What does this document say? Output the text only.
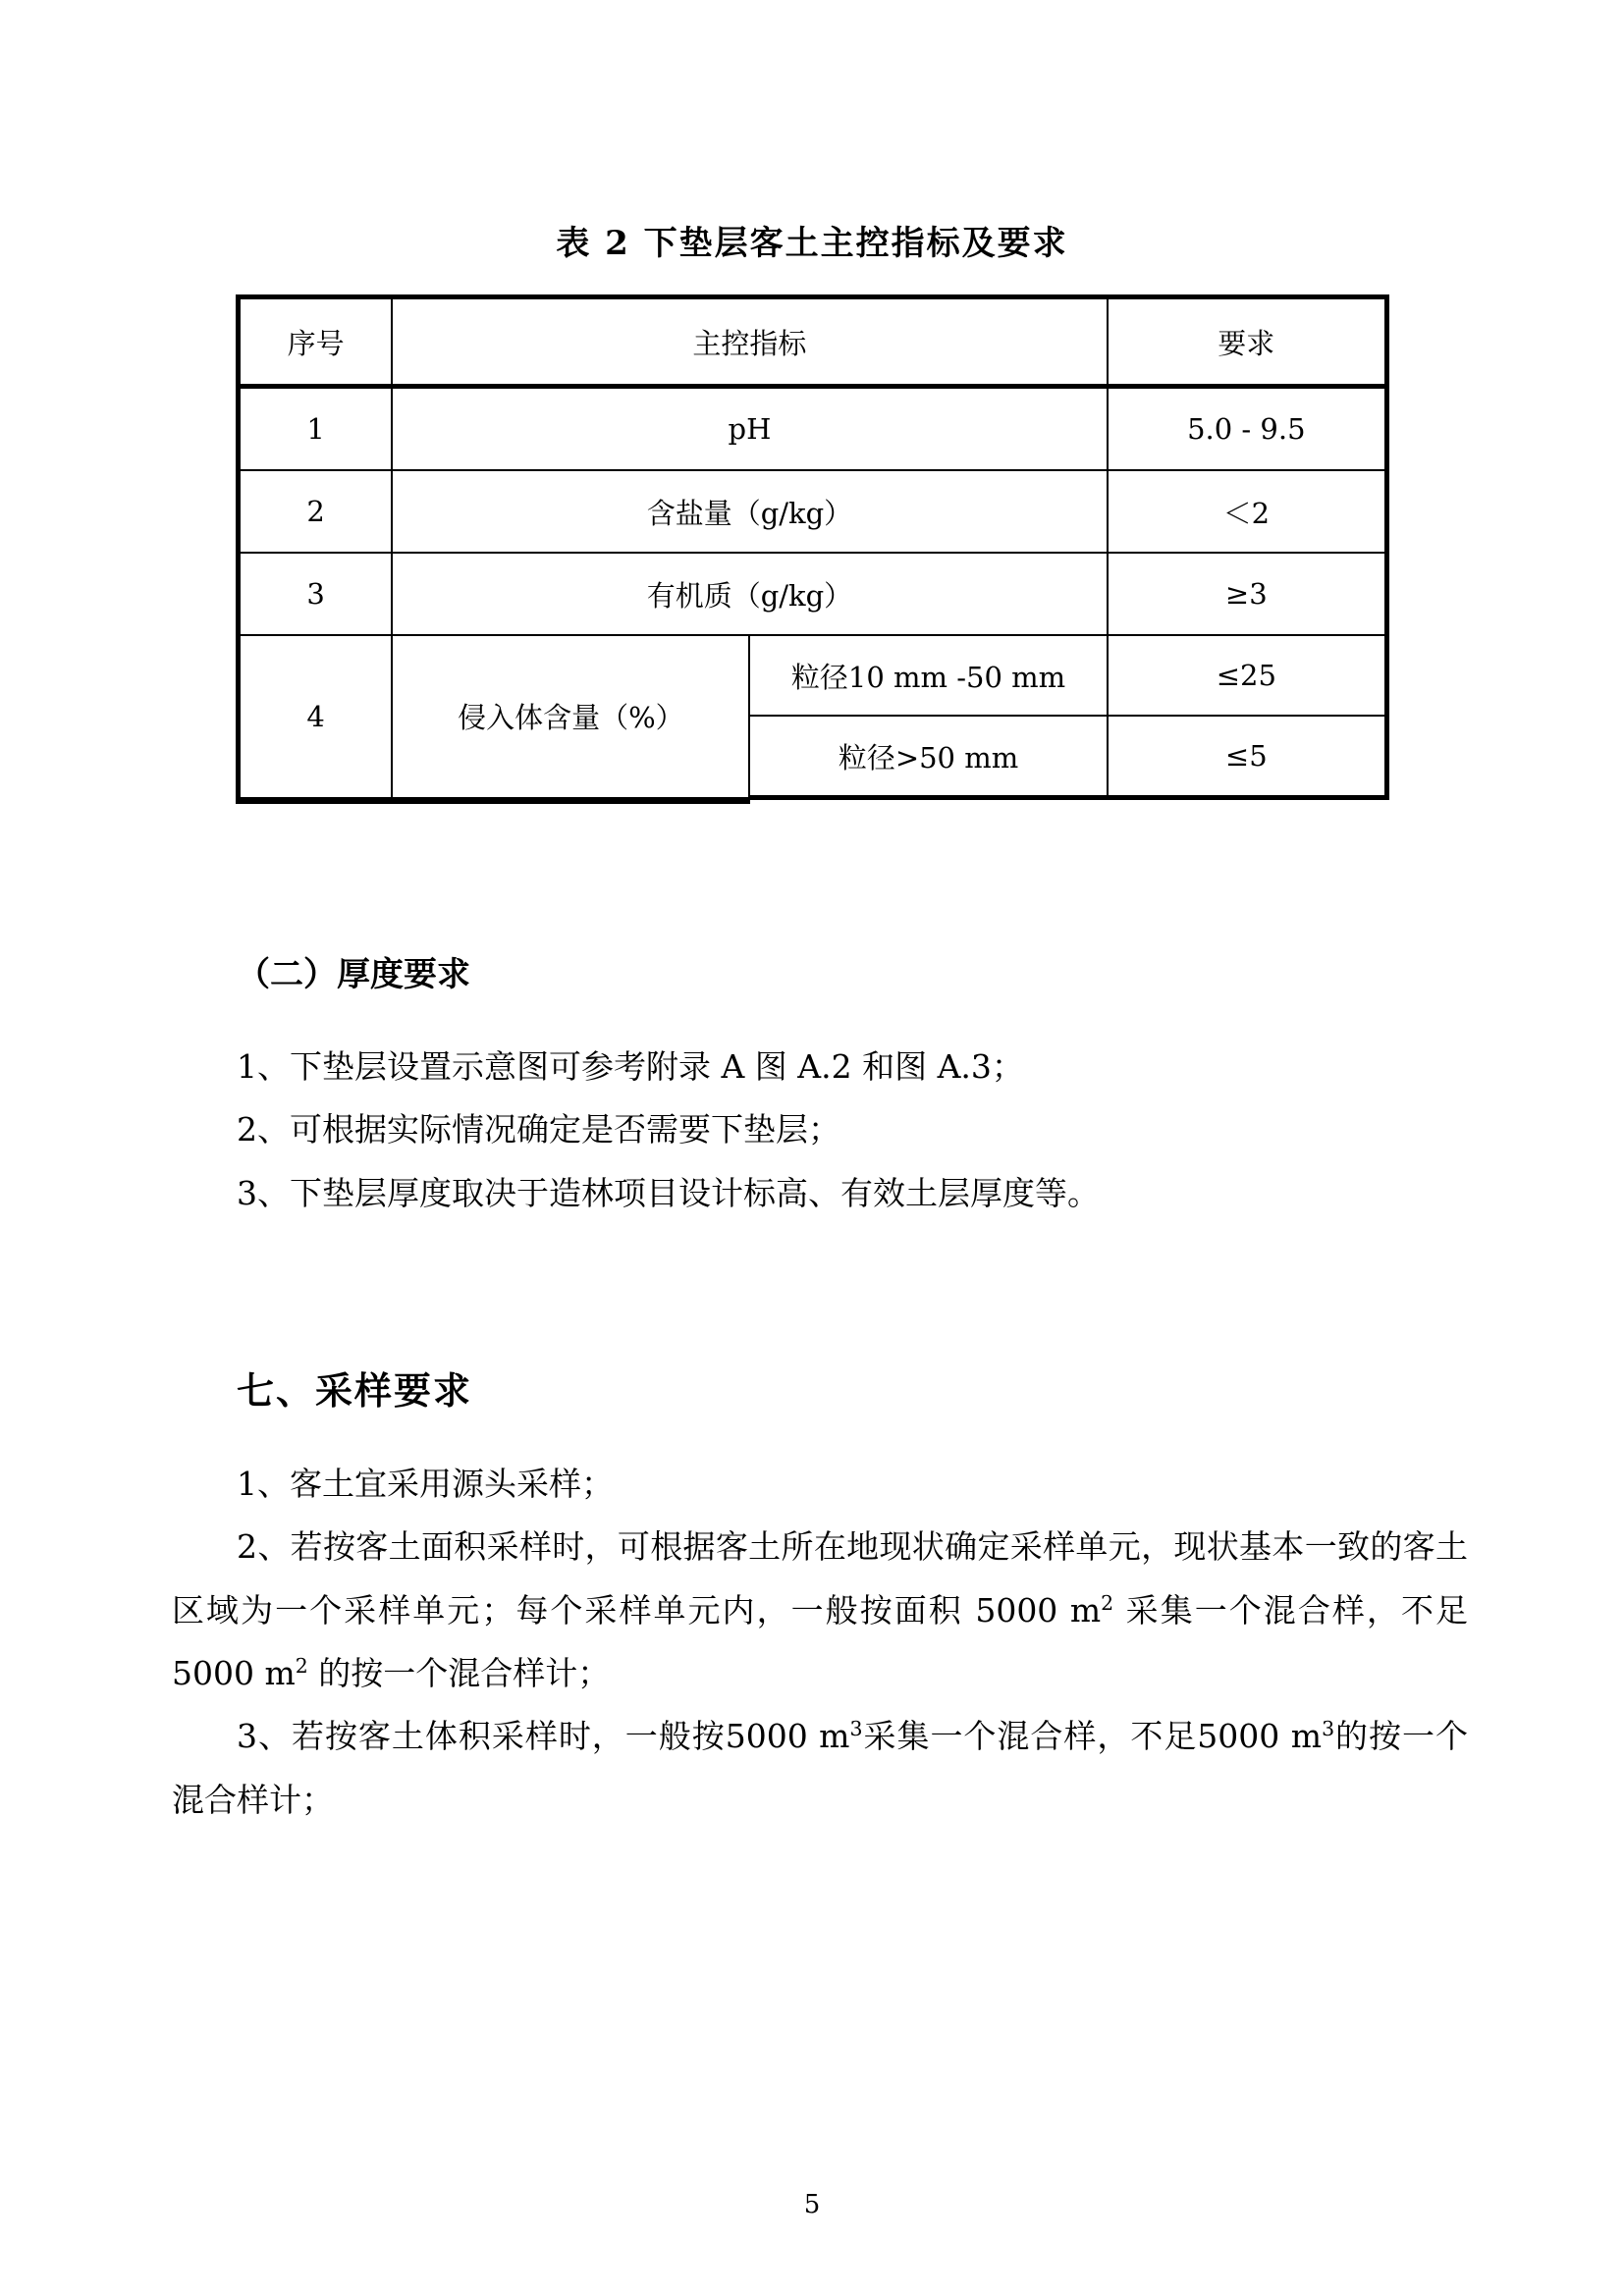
表 2 下垫层客土主控指标及要求
序号	主控指标		要求
1	pH		5.0 - 9.5
2	含盐量（g/kg）		＜2
3	有机质（g/kg）		≥3
4	侵入体含量（%）	粒径10 mm -50 mm	≤25
		粒径>50 mm	≤5

（二）厚度要求

1、下垫层设置示意图可参考附录 A 图 A.2 和图 A.3；

2、可根据实际情况确定是否需要下垫层；

3、下垫层厚度取决于造林项目设计标高、有效土层厚度等。

七、采样要求

1、客土宜采用源头采样；

2、若按客土面积采样时，可根据客土所在地现状确定采样单元，现状基本一致的客土区域为一个采样单元；每个采样单元内，一般按面积 5000 $m^2$ 采集一个混合样，不足 5000 $m^2$ 的按一个混合样计；

3、若按客土体积采样时，一般按5000 $m^3$采集一个混合样，不足5000 $m^3$的按一个混合样计；

5
